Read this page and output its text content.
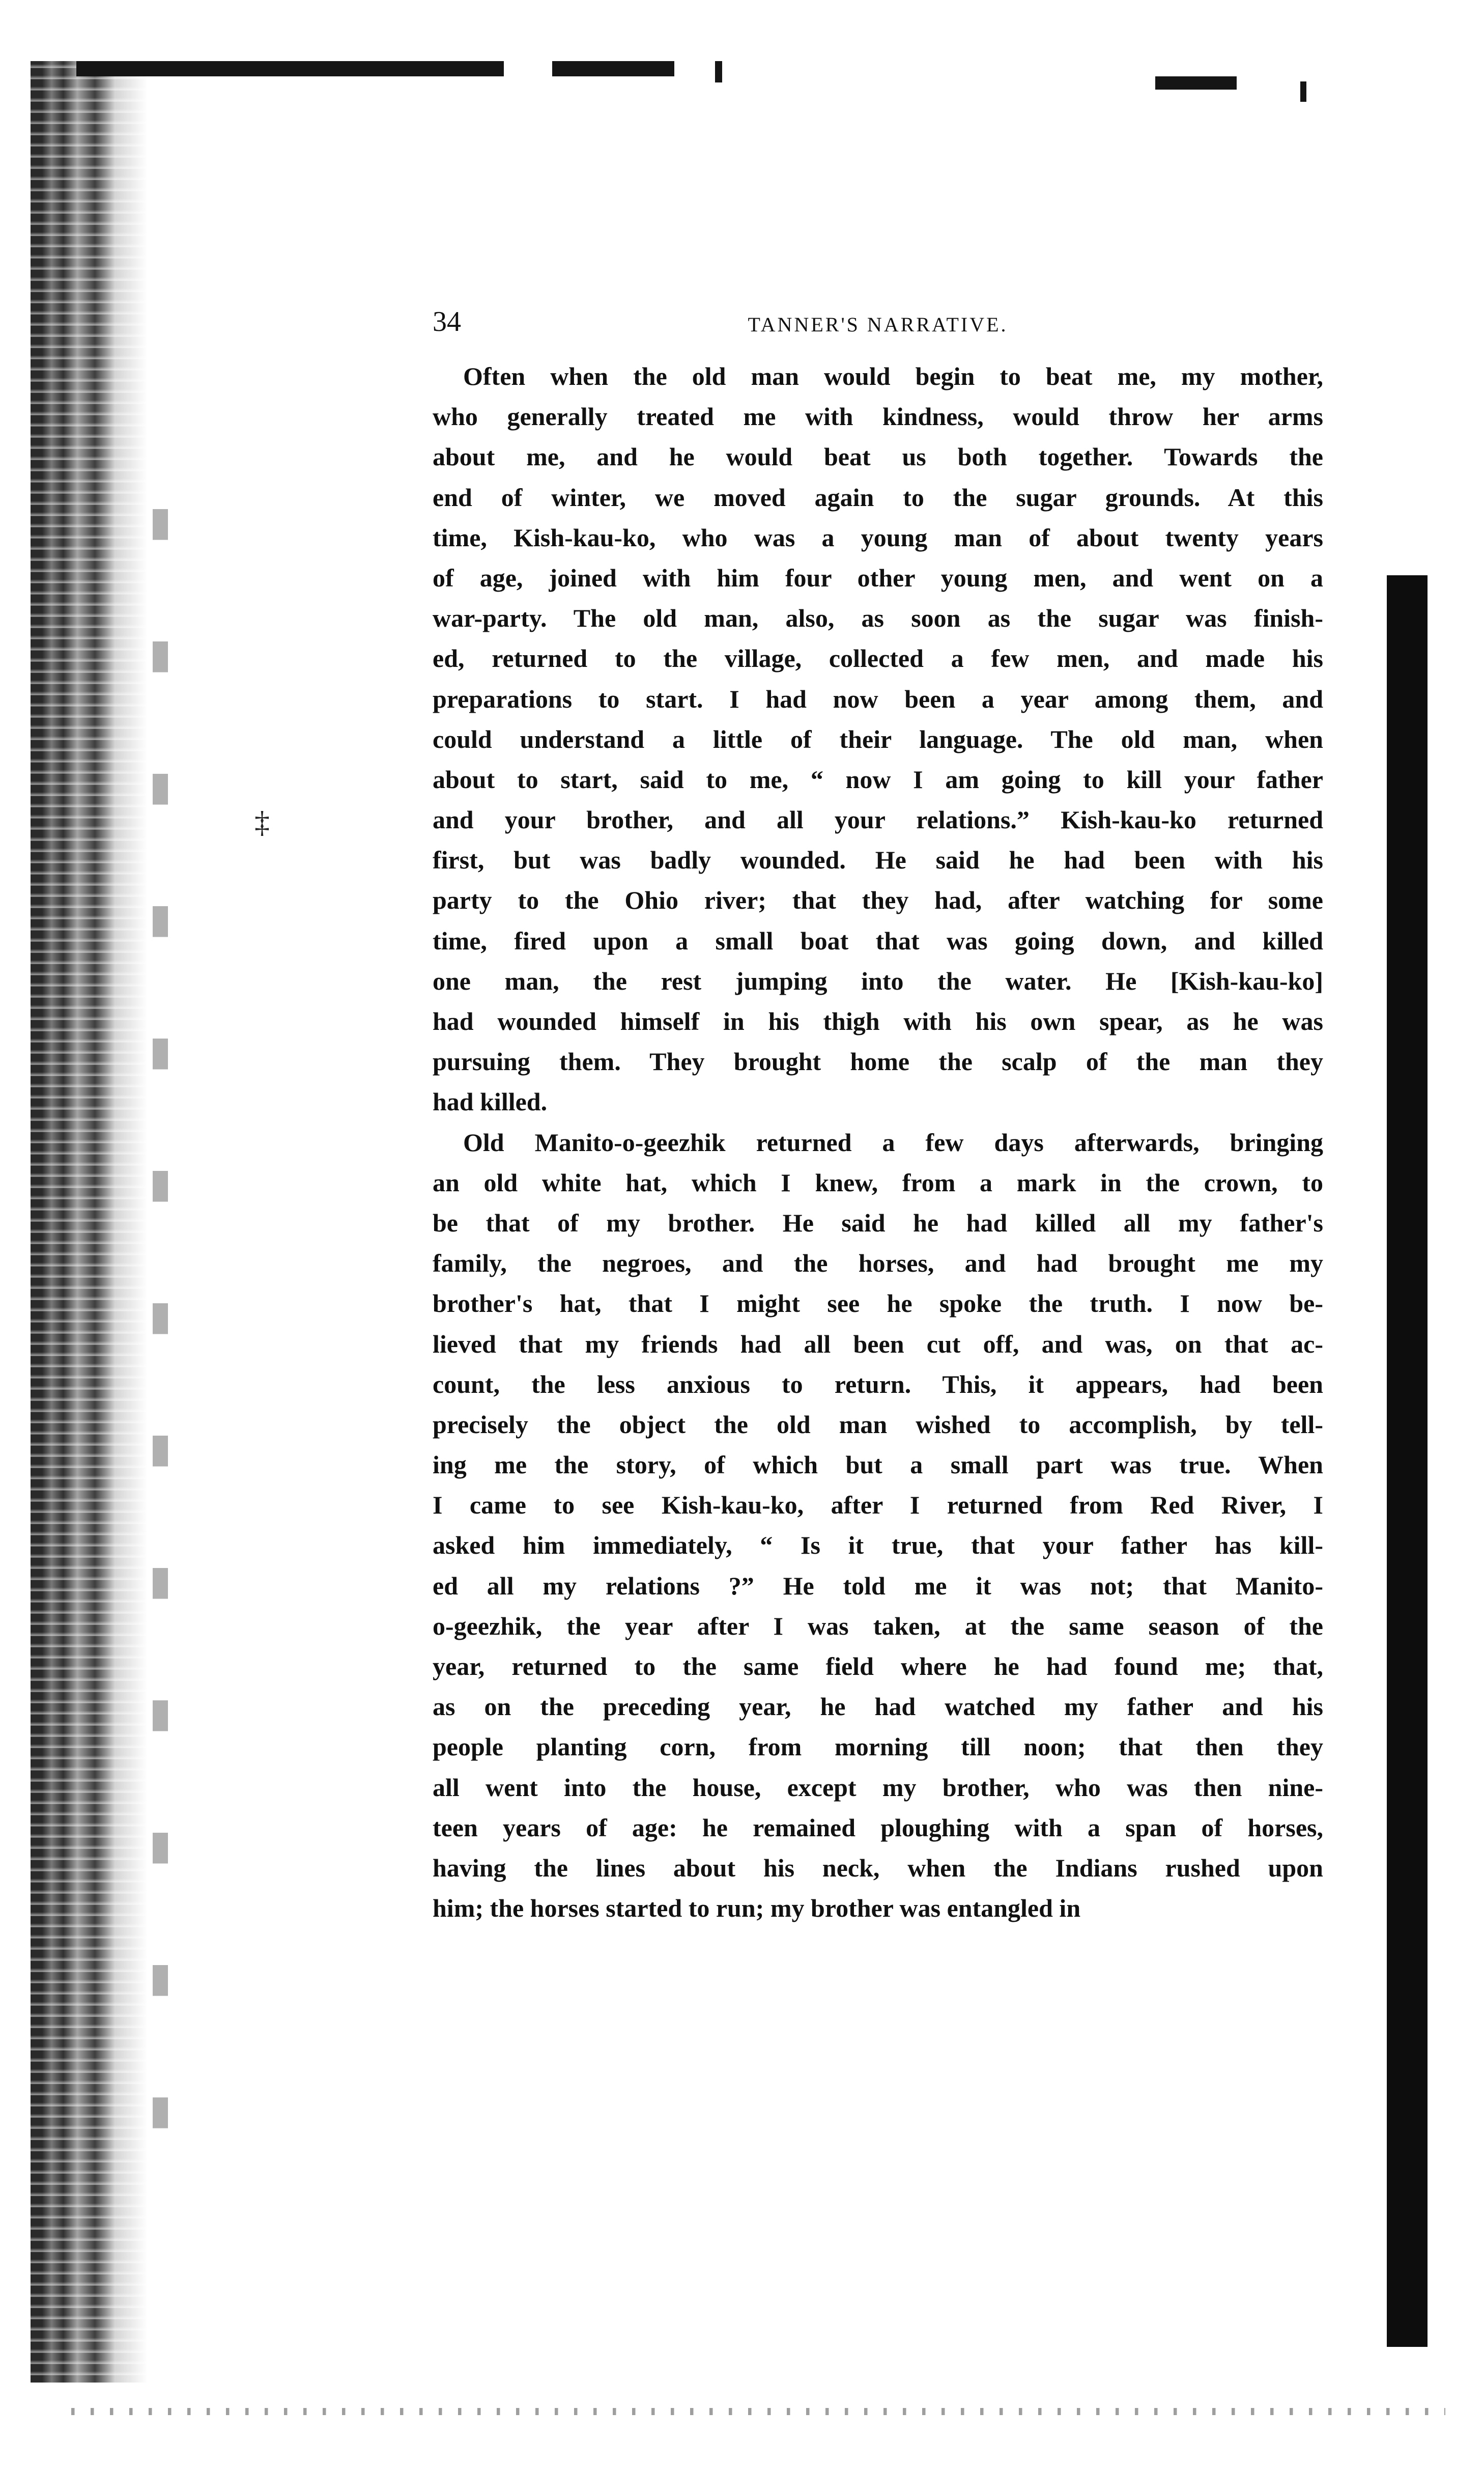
‡
34	TANNER'S NARRATIVE.
Often when the old man would begin to beat me, my mother,
who generally treated me with kindness, would throw her arms
about me, and he would beat us both together. Towards the
end of winter, we moved again to the sugar grounds. At this
time, Kish-kau-ko, who was a young man of about twenty years
of age, joined with him four other young men, and went on a
war-party. The old man, also, as soon as the sugar was finish-
ed, returned to the village, collected a few men, and made his
preparations to start. I had now been a year among them, and
could understand a little of their language. The old man, when
about to start, said to me, “ now I am going to kill your father
and your brother, and all your relations.” Kish-kau-ko returned
first, but was badly wounded. He said he had been with his
party to the Ohio river; that they had, after watching for some
time, fired upon a small boat that was going down, and killed
one man, the rest jumping into the water. He [Kish-kau-ko]
had wounded himself in his thigh with his own spear, as he was
pursuing them. They brought home the scalp of the man they
had killed.
Old Manito-o-geezhik returned a few days afterwards, bringing
an old white hat, which I knew, from a mark in the crown, to
be that of my brother. He said he had killed all my father's
family, the negroes, and the horses, and had brought me my
brother's hat, that I might see he spoke the truth. I now be-
lieved that my friends had all been cut off, and was, on that ac-
count, the less anxious to return. This, it appears, had been
precisely the object the old man wished to accomplish, by tell-
ing me the story, of which but a small part was true. When
I came to see Kish-kau-ko, after I returned from Red River, I
asked him immediately, “ Is it true, that your father has kill-
ed all my relations ?” He told me it was not; that Manito-
o-geezhik, the year after I was taken, at the same season of the
year, returned to the same field where he had found me; that,
as on the preceding year, he had watched my father and his
people planting corn, from morning till noon; that then they
all went into the house, except my brother, who was then nine-
teen years of age: he remained ploughing with a span of horses,
having the lines about his neck, when the Indians rushed upon
him; the horses started to run; my brother was entangled in
